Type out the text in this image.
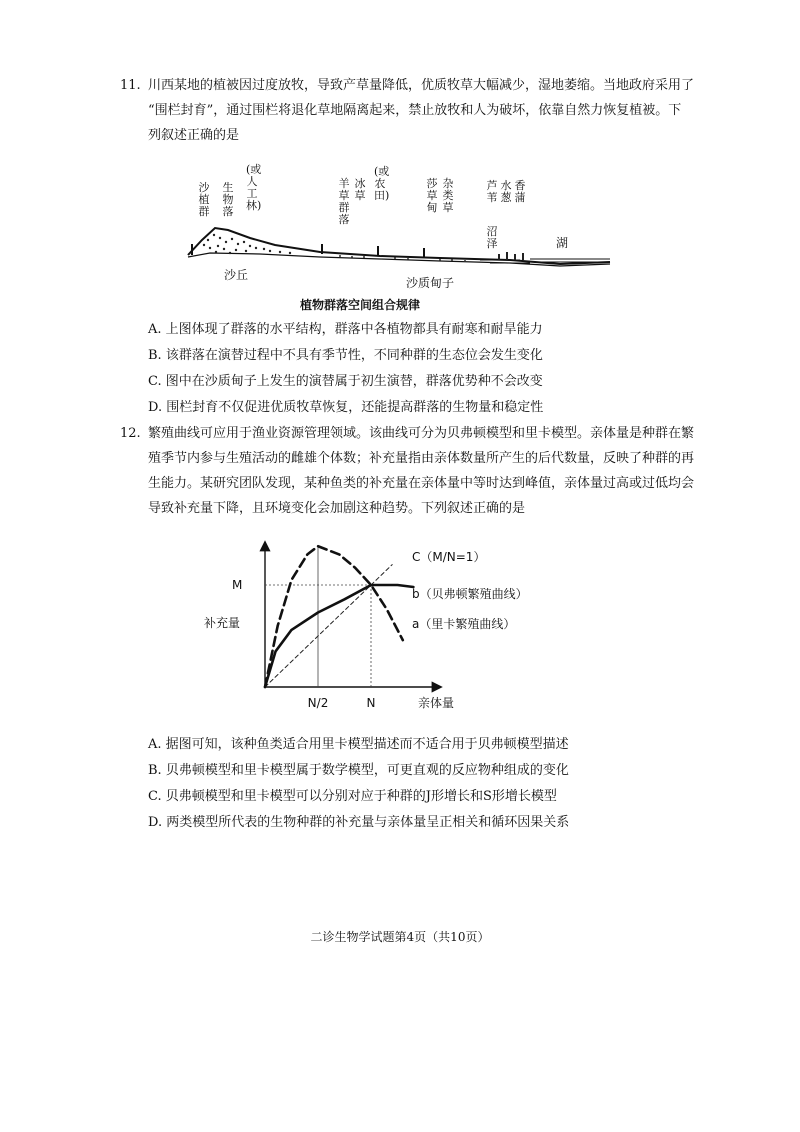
11. 川西某地的植被因过度放牧，导致产草量降低，优质牧草大幅减少，湿地萎缩。当地政府采用了
“围栏封育”，通过围栏将退化草地隔离起来，禁止放牧和人为破坏，依靠自然力恢复植被。下
列叙述正确的是
沙植群
生物落
(或人工林)
羊草群落
冰草
(或农田)
莎草甸
杂类草
芦苇
水葱
香蒲
沼泽	湖
沙丘
沙质甸子
植物群落空间组合规律
A. 上图体现了群落的水平结构，群落中各植物都具有耐寒和耐旱能力
B. 该群落在演替过程中不具有季节性，不同种群的生态位会发生变化
C. 图中在沙质甸子上发生的演替属于初生演替，群落优势种不会改变
D. 围栏封育不仅促进优质牧草恢复，还能提高群落的生物量和稳定性
12. 繁殖曲线可应用于渔业资源管理领域。该曲线可分为贝弗顿模型和里卡模型。亲体量是种群在繁
殖季节内参与生殖活动的雌雄个体数；补充量指由亲体数量所产生的后代数量，反映了种群的再
生能力。某研究团队发现，某种鱼类的补充量在亲体量中等时达到峰值，亲体量过高或过低均会
导致补充量下降，且环境变化会加剧这种趋势。下列叙述正确的是
C（M/N=1）
b（贝弗顿繁殖曲线）
a（里卡繁殖曲线）
M
补充量
N/2	N	亲体量
A. 据图可知，该种鱼类适合用里卡模型描述而不适合用于贝弗顿模型描述
B. 贝弗顿模型和里卡模型属于数学模型，可更直观的反应物种组成的变化
C. 贝弗顿模型和里卡模型可以分别对应于种群的J形增长和S形增长模型
D. 两类模型所代表的生物种群的补充量与亲体量呈正相关和循环因果关系
二诊生物学试题第4页（共10页）
